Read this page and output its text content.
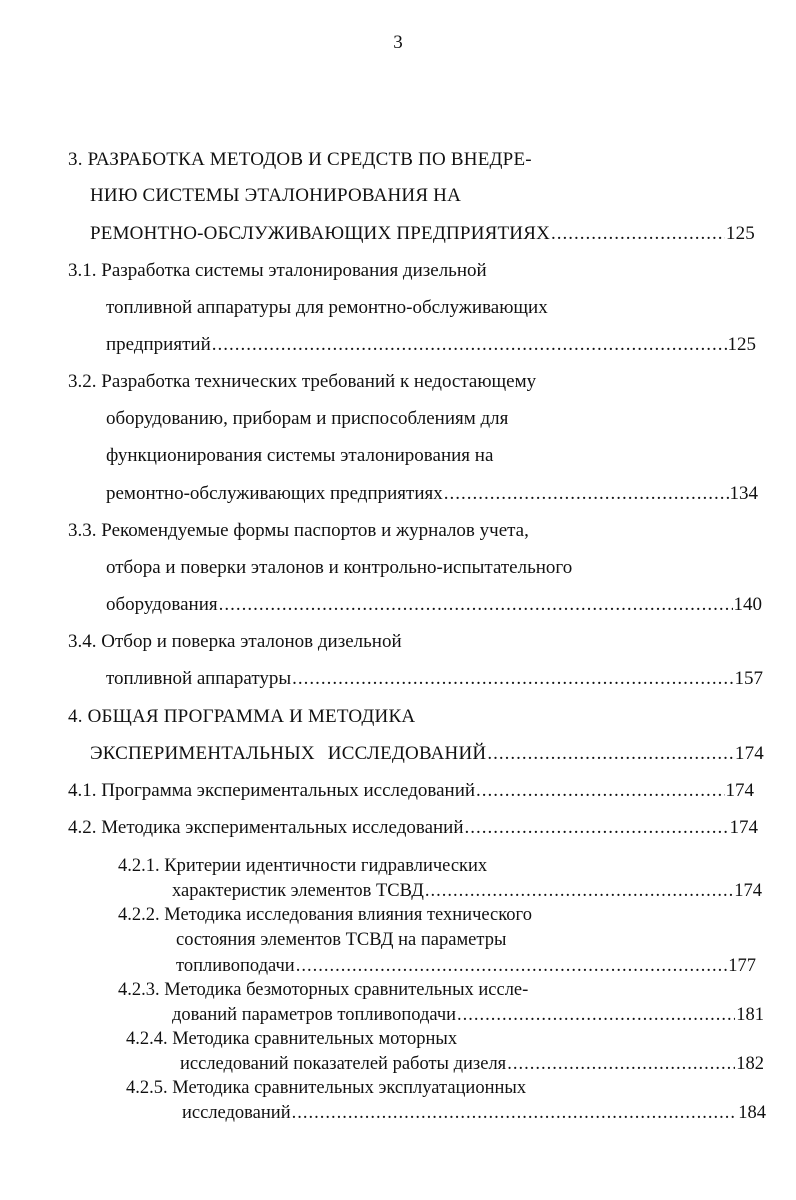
3
3. РАЗРАБОТКА МЕТОДОВ И СРЕДСТВ ПО ВНЕДРЕ-
НИЮ СИСТЕМЫ ЭТАЛОНИРОВАНИЯ НА
РЕМОНТНО-ОБСЛУЖИВАЮЩИХ ПРЕДПРИЯТИЯХ .....	125
3.1. Разработка системы эталонирования дизельной
топливной аппаратуры для ремонтно-обслуживающих
предприятий .....	125
3.2. Разработка технических требований к недостающему
оборудованию, приборам и приспособлениям для
функционирования системы эталонирования на
ремонтно-обслуживающих предприятиях .....	134
3.3. Рекомендуемые формы паспортов и журналов учета,
отбора и поверки эталонов и контрольно-испытательного
оборудования .....	140
3.4. Отбор и поверка эталонов дизельной
топливной аппаратуры .....	157
4. ОБЩАЯ ПРОГРАММА И МЕТОДИКА
ЭКСПЕРИМЕНТАЛЬНЫХ ИССЛЕДОВАНИЙ .....	174
4.1. Программа экспериментальных исследований .....	174
4.2. Методика экспериментальных исследований .....	174
4.2.1. Критерии идентичности гидравлических
характеристик элементов ТСВД .....	174
4.2.2. Методика исследования влияния технического
состояния элементов ТСВД на параметры
топливоподачи .....	177
4.2.3. Методика безмоторных сравнительных иссле-
дований параметров топливоподачи .....	181
4.2.4. Методика сравнительных моторных
исследований показателей работы дизеля .....	182
4.2.5. Методика сравнительных эксплуатационных
исследований .....	184
